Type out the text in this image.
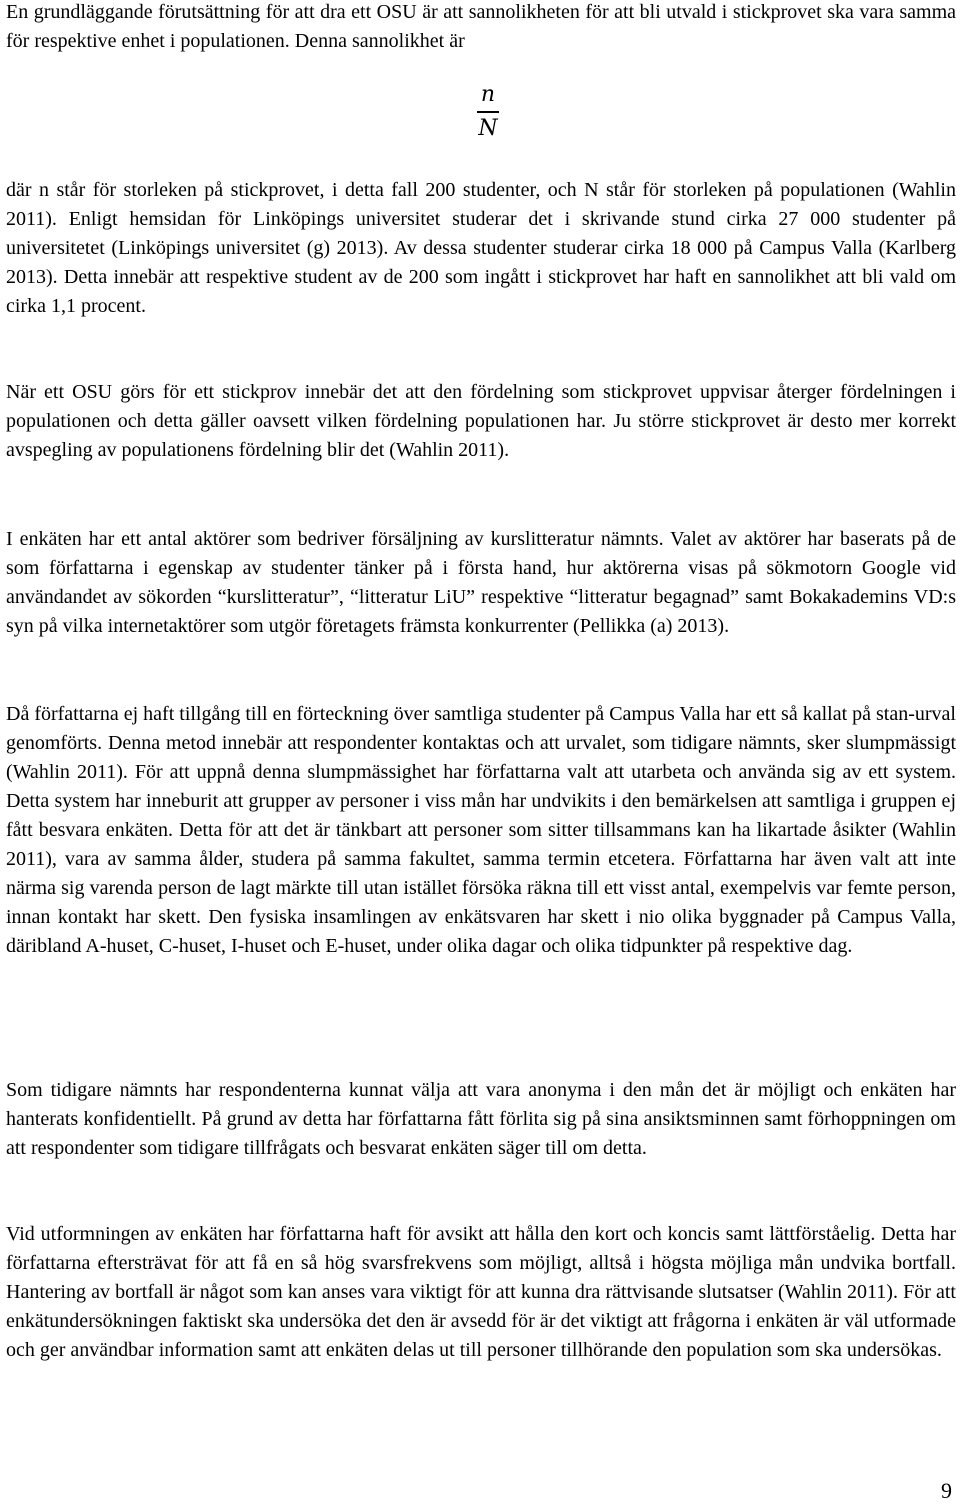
En grundläggande förutsättning för att dra ett OSU är att sannolikheten för att bli utvald i stickprovet ska vara samma för respektive enhet i populationen. Denna sannolikhet är

n
N

där n står för storleken på stickprovet, i detta fall 200 studenter, och N står för storleken på populationen (Wahlin 2011). Enligt hemsidan för Linköpings universitet studerar det i skrivande stund cirka 27 000 studenter på universitetet (Linköpings universitet (g) 2013). Av dessa studenter studerar cirka 18 000 på Campus Valla (Karlberg 2013). Detta innebär att respektive student av de 200 som ingått i stickprovet har haft en sannolikhet att bli vald om cirka 1,1 procent.

När ett OSU görs för ett stickprov innebär det att den fördelning som stickprovet uppvisar återger fördelningen i populationen och detta gäller oavsett vilken fördelning populationen har. Ju större stickprovet är desto mer korrekt avspegling av populationens fördelning blir det (Wahlin 2011).

I enkäten har ett antal aktörer som bedriver försäljning av kurslitteratur nämnts. Valet av aktörer har baserats på de som författarna i egenskap av studenter tänker på i första hand, hur aktörerna visas på sökmotorn Google vid användandet av sökorden “kurslitteratur”, “litteratur LiU” respektive “litteratur begagnad” samt Bokakademins VD:s syn på vilka internetaktörer som utgör företagets främsta konkurrenter (Pellikka (a) 2013).

Då författarna ej haft tillgång till en förteckning över samtliga studenter på Campus Valla har ett så kallat på stan-urval genomförts. Denna metod innebär att respondenter kontaktas och att urvalet, som tidigare nämnts, sker slumpmässigt (Wahlin 2011). För att uppnå denna slumpmässighet har författarna valt att utarbeta och använda sig av ett system. Detta system har inneburit att grupper av personer i viss mån har undvikits i den bemärkelsen att samtliga i gruppen ej fått besvara enkäten. Detta för att det är tänkbart att personer som sitter tillsammans kan ha likartade åsikter (Wahlin 2011), vara av samma ålder, studera på samma fakultet, samma termin etcetera. Författarna har även valt att inte närma sig varenda person de lagt märkte till utan istället försöka räkna till ett visst antal, exempelvis var femte person, innan kontakt har skett. Den fysiska insamlingen av enkätsvaren har skett i nio olika byggnader på Campus Valla, däribland A-huset, C-huset, I-huset och E-huset, under olika dagar och olika tidpunkter på respektive dag.

Som tidigare nämnts har respondenterna kunnat välja att vara anonyma i den mån det är möjligt och enkäten har hanterats konfidentiellt. På grund av detta har författarna fått förlita sig på sina ansiktsminnen samt förhoppningen om att respondenter som tidigare tillfrågats och besvarat enkäten säger till om detta.

Vid utformningen av enkäten har författarna haft för avsikt att hålla den kort och koncis samt lättförståelig. Detta har författarna eftersträvat för att få en så hög svarsfrekvens som möjligt, alltså i högsta möjliga mån undvika bortfall. Hantering av bortfall är något som kan anses vara viktigt för att kunna dra rättvisande slutsatser (Wahlin 2011). För att enkätundersökningen faktiskt ska undersöka det den är avsedd för är det viktigt att frågorna i enkäten är väl utformade och ger användbar information samt att enkäten delas ut till personer tillhörande den population som ska undersökas.

9
